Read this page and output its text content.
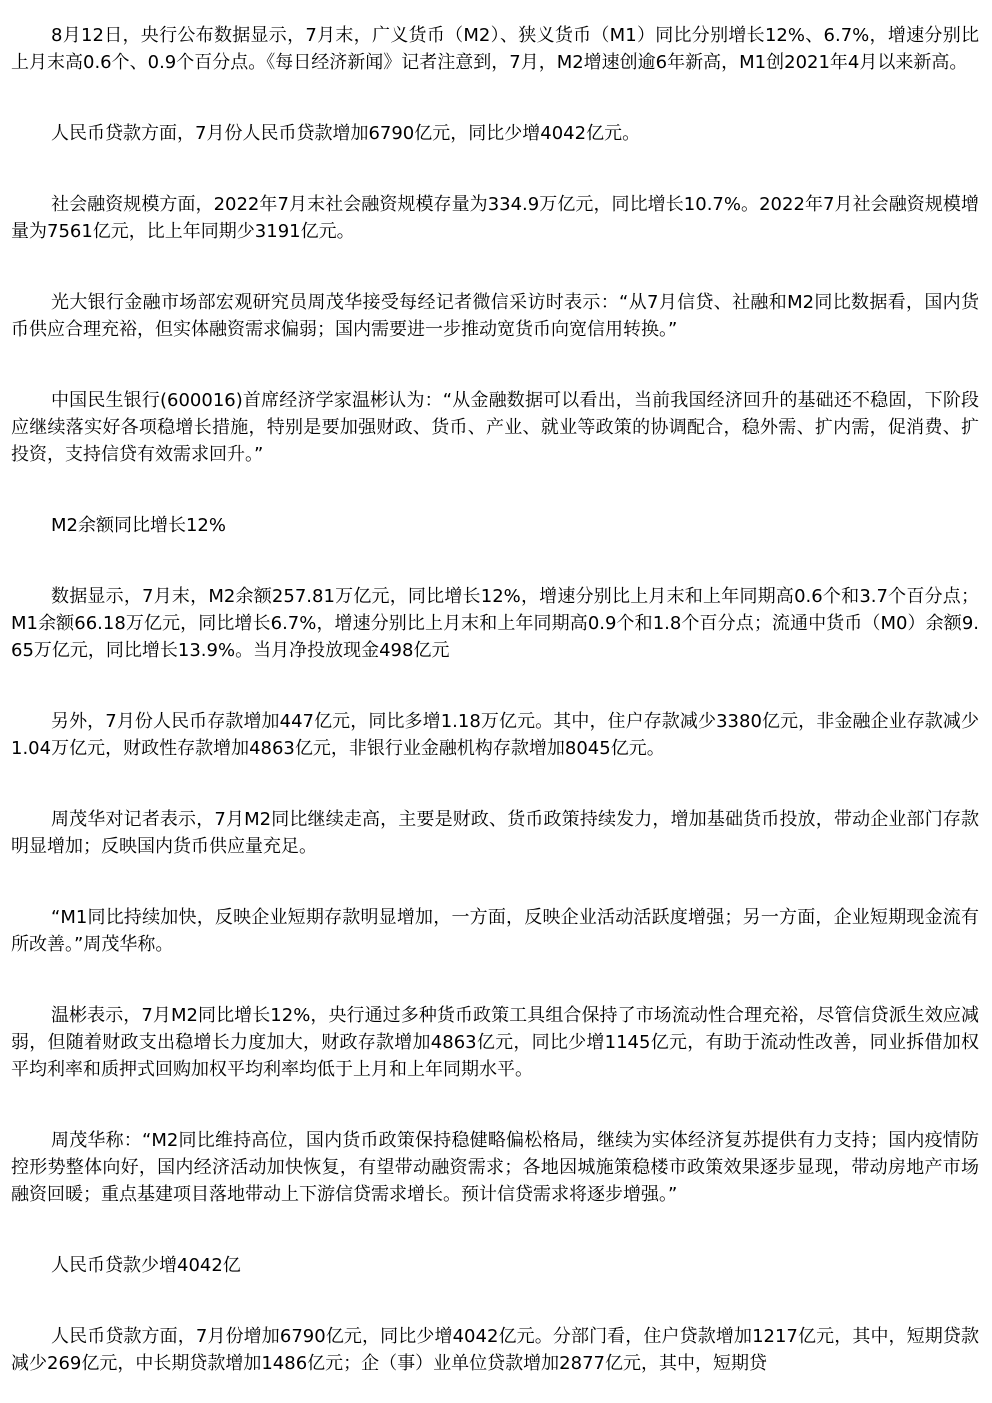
8月12日，央行公布数据显示，7月末，广义货币（M2）、狭义货币（M1）同比分别增长12%、6.7%，增速分别比上月末高0.6个、0.9个百分点。《每日经济新闻》记者注意到，7月，M2增速创逾6年新高，M1创2021年4月以来新高。

人民币贷款方面，7月份人民币贷款增加6790亿元，同比少增4042亿元。

社会融资规模方面，2022年7月末社会融资规模存量为334.9万亿元，同比增长10.7%。2022年7月社会融资规模增量为7561亿元，比上年同期少3191亿元。

光大银行金融市场部宏观研究员周茂华接受每经记者微信采访时表示：“从7月信贷、社融和M2同比数据看，国内货币供应合理充裕，但实体融资需求偏弱；国内需要进一步推动宽货币向宽信用转换。”

中国民生银行(600016)首席经济学家温彬认为：“从金融数据可以看出，当前我国经济回升的基础还不稳固，下阶段应继续落实好各项稳增长措施，特别是要加强财政、货币、产业、就业等政策的协调配合，稳外需、扩内需，促消费、扩投资，支持信贷有效需求回升。”

M2余额同比增长12%

数据显示，7月末，M2余额257.81万亿元，同比增长12%，增速分别比上月末和上年同期高0.6个和3.7个百分点；M1余额66.18万亿元，同比增长6.7%，增速分别比上月末和上年同期高0.9个和1.8个百分点；流通中货币（M0）余额9.65万亿元，同比增长13.9%。当月净投放现金498亿元

另外，7月份人民币存款增加447亿元，同比多增1.18万亿元。其中，住户存款减少3380亿元，非金融企业存款减少1.04万亿元，财政性存款增加4863亿元，非银行业金融机构存款增加8045亿元。

周茂华对记者表示，7月M2同比继续走高，主要是财政、货币政策持续发力，增加基础货币投放，带动企业部门存款明显增加；反映国内货币供应量充足。

“M1同比持续加快，反映企业短期存款明显增加，一方面，反映企业活动活跃度增强；另一方面，企业短期现金流有所改善。”周茂华称。

温彬表示，7月M2同比增长12%，央行通过多种货币政策工具组合保持了市场流动性合理充裕，尽管信贷派生效应减弱，但随着财政支出稳增长力度加大，财政存款增加4863亿元，同比少增1145亿元，有助于流动性改善，同业拆借加权平均利率和质押式回购加权平均利率均低于上月和上年同期水平。

周茂华称：“M2同比维持高位，国内货币政策保持稳健略偏松格局，继续为实体经济复苏提供有力支持；国内疫情防控形势整体向好，国内经济活动加快恢复，有望带动融资需求；各地因城施策稳楼市政策效果逐步显现，带动房地产市场融资回暖；重点基建项目落地带动上下游信贷需求增长。预计信贷需求将逐步增强。”

人民币贷款少增4042亿

人民币贷款方面，7月份增加6790亿元，同比少增4042亿元。分部门看，住户贷款增加1217亿元，其中，短期贷款减少269亿元，中长期贷款增加1486亿元；企（事）业单位贷款增加2877亿元，其中，短期贷
